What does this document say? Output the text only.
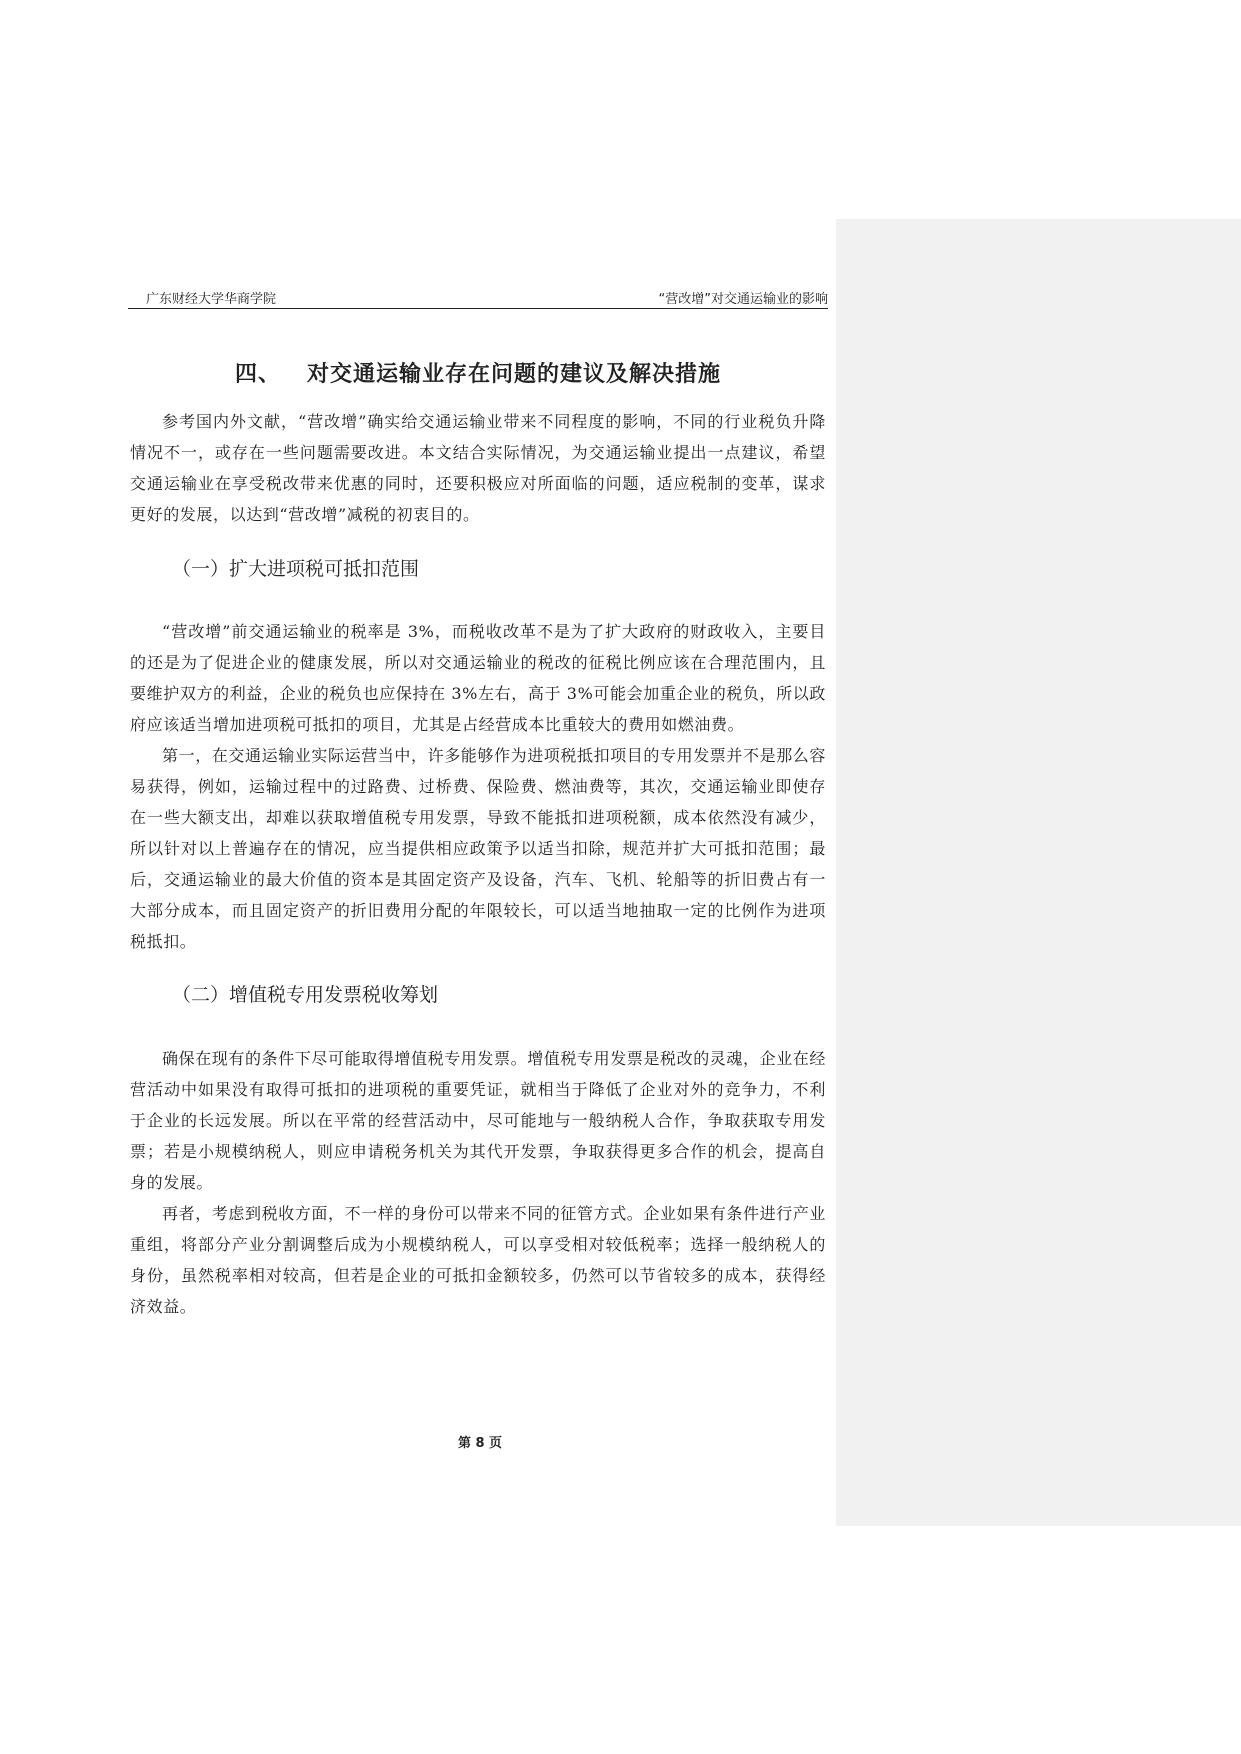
广东财经大学华商学院	“营改增”对交通运输业的影响
四、 对交通运输业存在问题的建议及解决措施

参考国内外文献，“营改增”确实给交通运输业带来不同程度的影响，不同的行业税负升降情况不一，或存在一些问题需要改进。本文结合实际情况，为交通运输业提出一点建议，希望交通运输业在享受税改带来优惠的同时，还要积极应对所面临的问题，适应税制的变革，谋求更好的发展，以达到“营改增”减税的初衷目的。

（一）扩大进项税可抵扣范围

“营改增”前交通运输业的税率是 3%，而税收改革不是为了扩大政府的财政收入，主要目的还是为了促进企业的健康发展，所以对交通运输业的税改的征税比例应该在合理范围内，且要维护双方的利益，企业的税负也应保持在 3%左右，高于 3%可能会加重企业的税负，所以政府应该适当增加进项税可抵扣的项目，尤其是占经营成本比重较大的费用如燃油费。

第一，在交通运输业实际运营当中，许多能够作为进项税抵扣项目的专用发票并不是那么容易获得，例如，运输过程中的过路费、过桥费、保险费、燃油费等，其次，交通运输业即使存在一些大额支出，却难以获取增值税专用发票，导致不能抵扣进项税额，成本依然没有减少，所以针对以上普遍存在的情况，应当提供相应政策予以适当扣除，规范并扩大可抵扣范围；最后，交通运输业的最大价值的资本是其固定资产及设备，汽车、飞机、轮船等的折旧费占有一大部分成本，而且固定资产的折旧费用分配的年限较长，可以适当地抽取一定的比例作为进项税抵扣。

（二）增值税专用发票税收筹划

确保在现有的条件下尽可能取得增值税专用发票。增值税专用发票是税改的灵魂，企业在经营活动中如果没有取得可抵扣的进项税的重要凭证，就相当于降低了企业对外的竞争力，不利于企业的长远发展。所以在平常的经营活动中，尽可能地与一般纳税人合作，争取获取专用发票；若是小规模纳税人，则应申请税务机关为其代开发票，争取获得更多合作的机会，提高自身的发展。

再者，考虑到税收方面，不一样的身份可以带来不同的征管方式。企业如果有条件进行产业重组，将部分产业分割调整后成为小规模纳税人，可以享受相对较低税率；选择一般纳税人的身份，虽然税率相对较高，但若是企业的可抵扣金额较多，仍然可以节省较多的成本，获得经济效益。

第 8 页
